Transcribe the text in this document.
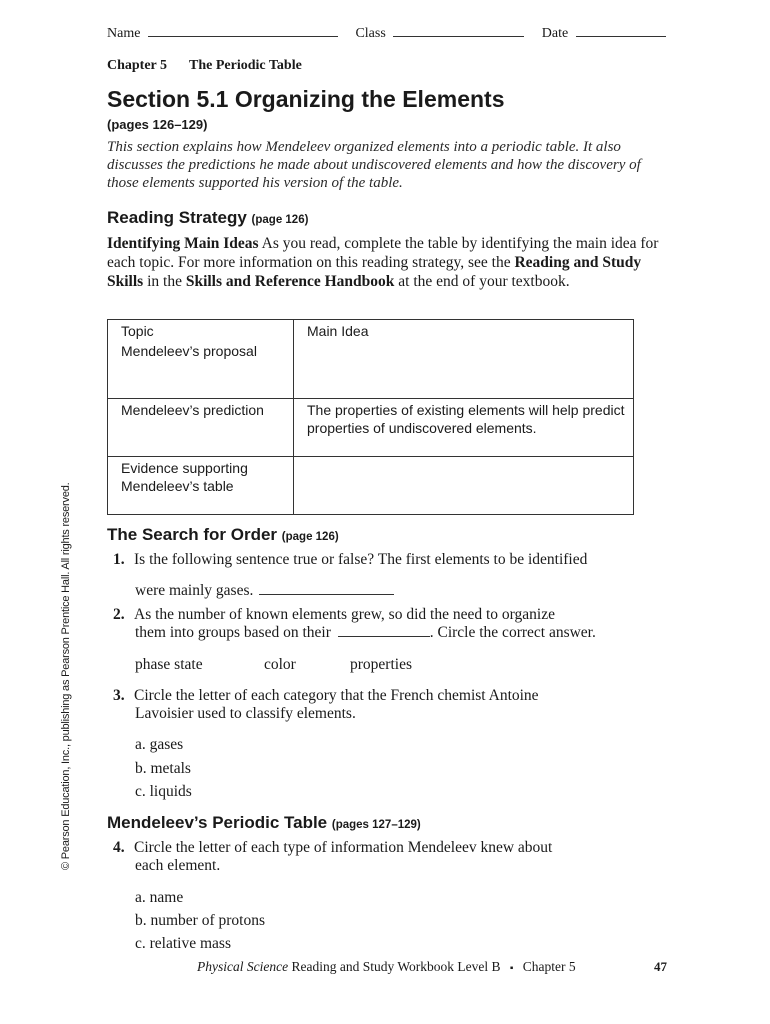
Name	Class	Date
Chapter 5 The Periodic Table
Section 5.1 Organizing the Elements
(pages 126–129)
This section explains how Mendeleev organized elements into a periodic table. It also discusses the predictions he made about undiscovered elements and how the discovery of those elements supported his version of the table.
Reading Strategy (page 126)
Identifying Main Ideas As you read, complete the table by identifying the main idea for each topic. For more information on this reading strategy, see the Reading and Study Skills in the Skills and Reference Handbook at the end of your textbook.
Topic	Main Idea
Mendeleev’s proposal	
Mendeleev’s prediction	The properties of existing elements will help predict properties of undiscovered elements.
Evidence supporting Mendeleev’s table	
The Search for Order (page 126)
1. Is the following sentence true or false? The first elements to be identified
were mainly gases.
2. As the number of known elements grew, so did the need to organize
them into groups based on their	. Circle the correct answer.
phase state	color	properties
3. Circle the letter of each category that the French chemist Antoine
Lavoisier used to classify elements.
a. gases
b. metals
c. liquids
Mendeleev’s Periodic Table (pages 127–129)
4. Circle the letter of each type of information Mendeleev knew about
each element.
a. name
b. number of protons
c. relative mass
© Pearson Education, Inc., publishing as Pearson Prentice Hall. All rights reserved.
Physical Science Reading and Study Workbook Level B ▪ Chapter 5	47
